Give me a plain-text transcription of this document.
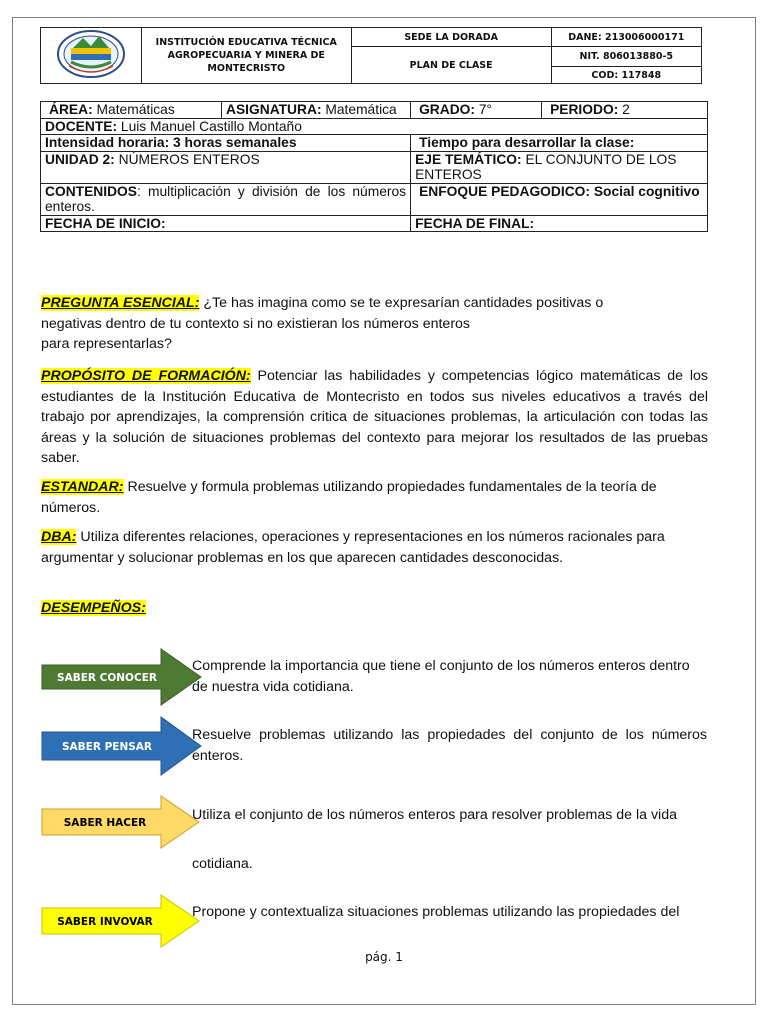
	INSTITUCIÓN EDUCATIVA TÉCNICA AGROPECUARIA Y MINERA DE MONTECRISTO	SEDE LA DORADA	DANE: 213006000171
		PLAN DE CLASE	NIT. 806013880-5
			COD: 117848
ÁREA: Matemáticas	ASIGNATURA: Matemática	GRADO: 7°	PERIODO: 2
DOCENTE: Luis Manuel Castillo Montaño			
Intensidad horaria: 3 horas semanales		Tiempo para desarrollar la clase:	
UNIDAD 2: NÚMEROS ENTEROS		EJE TEMÁTICO: EL CONJUNTO DE LOS ENTEROS	
CONTENIDOS: multiplicación y división de los números enteros.		ENFOQUE PEDAGODICO: Social cognitivo	
FECHA DE INICIO:		FECHA DE FINAL:	
PREGUNTA ESENCIAL: ¿Te has imagina como se te expresarían cantidades positivas o
negativas dentro de tu contexto si no existieran los números enteros
para representarlas?
PROPÓSITO DE FORMACIÓN: Potenciar las habilidades y competencias lógico matemáticas de los estudiantes de la Institución Educativa de Montecristo en todos sus niveles educativos a través del trabajo por aprendizajes, la comprensión critica de situaciones problemas, la articulación con todas las áreas y la solución de situaciones problemas del contexto para mejorar los resultados de las pruebas saber.
ESTANDAR: Resuelve y formula problemas utilizando propiedades fundamentales de la teoría de números.
DBA: Utiliza diferentes relaciones, operaciones y representaciones en los números racionales para argumentar y solucionar problemas en los que aparecen cantidades desconocidas.
DESEMPEÑOS:
SABER CONOCER
Comprende la importancia que tiene el conjunto de los números enteros dentro de nuestra vida cotidiana.
SABER PENSAR
Resuelve problemas utilizando las propiedades del conjunto de los números enteros.
SABER HACER	Utiliza el conjunto de los números enteros para resolver problemas de la vida
cotidiana.
SABER INVOVAR
Propone y contextualiza situaciones problemas utilizando las propiedades del
pág. 1
